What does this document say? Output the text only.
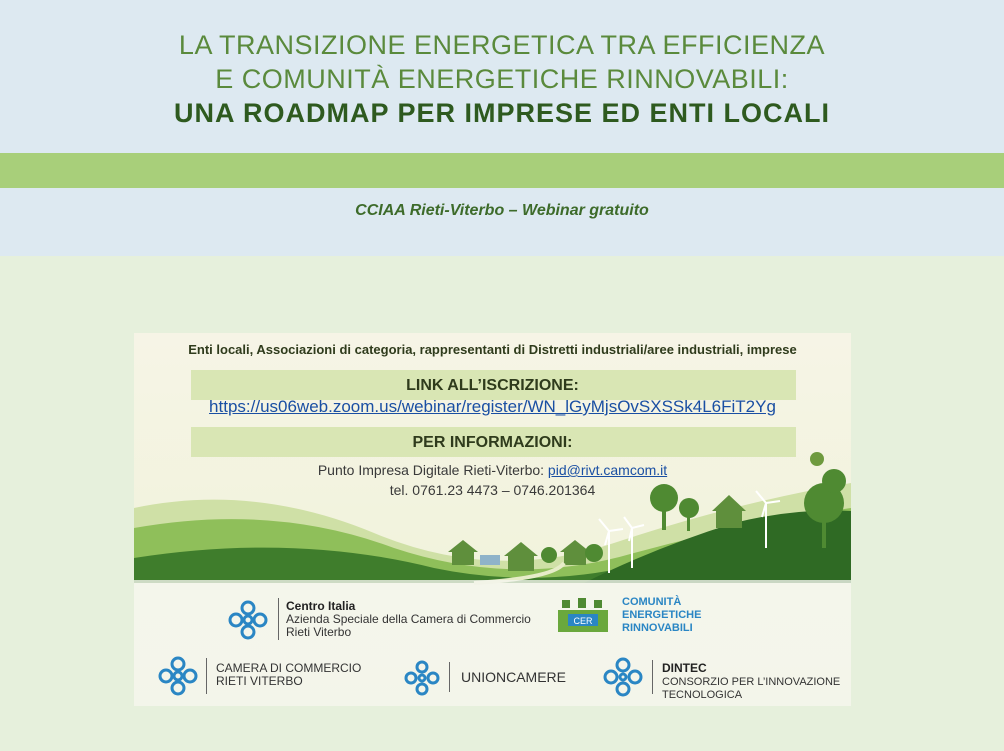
LA TRANSIZIONE ENERGETICA TRA EFFICIENZA
E COMUNITÀ ENERGETICHE RINNOVABILI:
UNA ROADMAP PER IMPRESE ED ENTI LOCALI
CCIAA Rieti-Viterbo – Webinar gratuito
Enti locali, Associazioni di categoria, rappresentanti di Distretti industriali/aree industriali, imprese
LINK ALL’ISCRIZIONE:
https://us06web.zoom.us/webinar/register/WN_lGyMjsOvSXSSk4L6FiT2Yg
PER INFORMAZIONI:
Punto Impresa Digitale Rieti-Viterbo: pid@rivt.camcom.it
tel. 0761.23 4473 – 0746.201364
Centro Italia
Azienda Speciale della Camera di Commercio
Rieti Viterbo
CER
COMUNITÀ
ENERGETICHE
RINNOVABILI
CAMERA DI COMMERCIO
RIETI VITERBO	UNIONCAMERE
DINTEC
CONSORZIO PER L’INNOVAZIONE
TECNOLOGICA
